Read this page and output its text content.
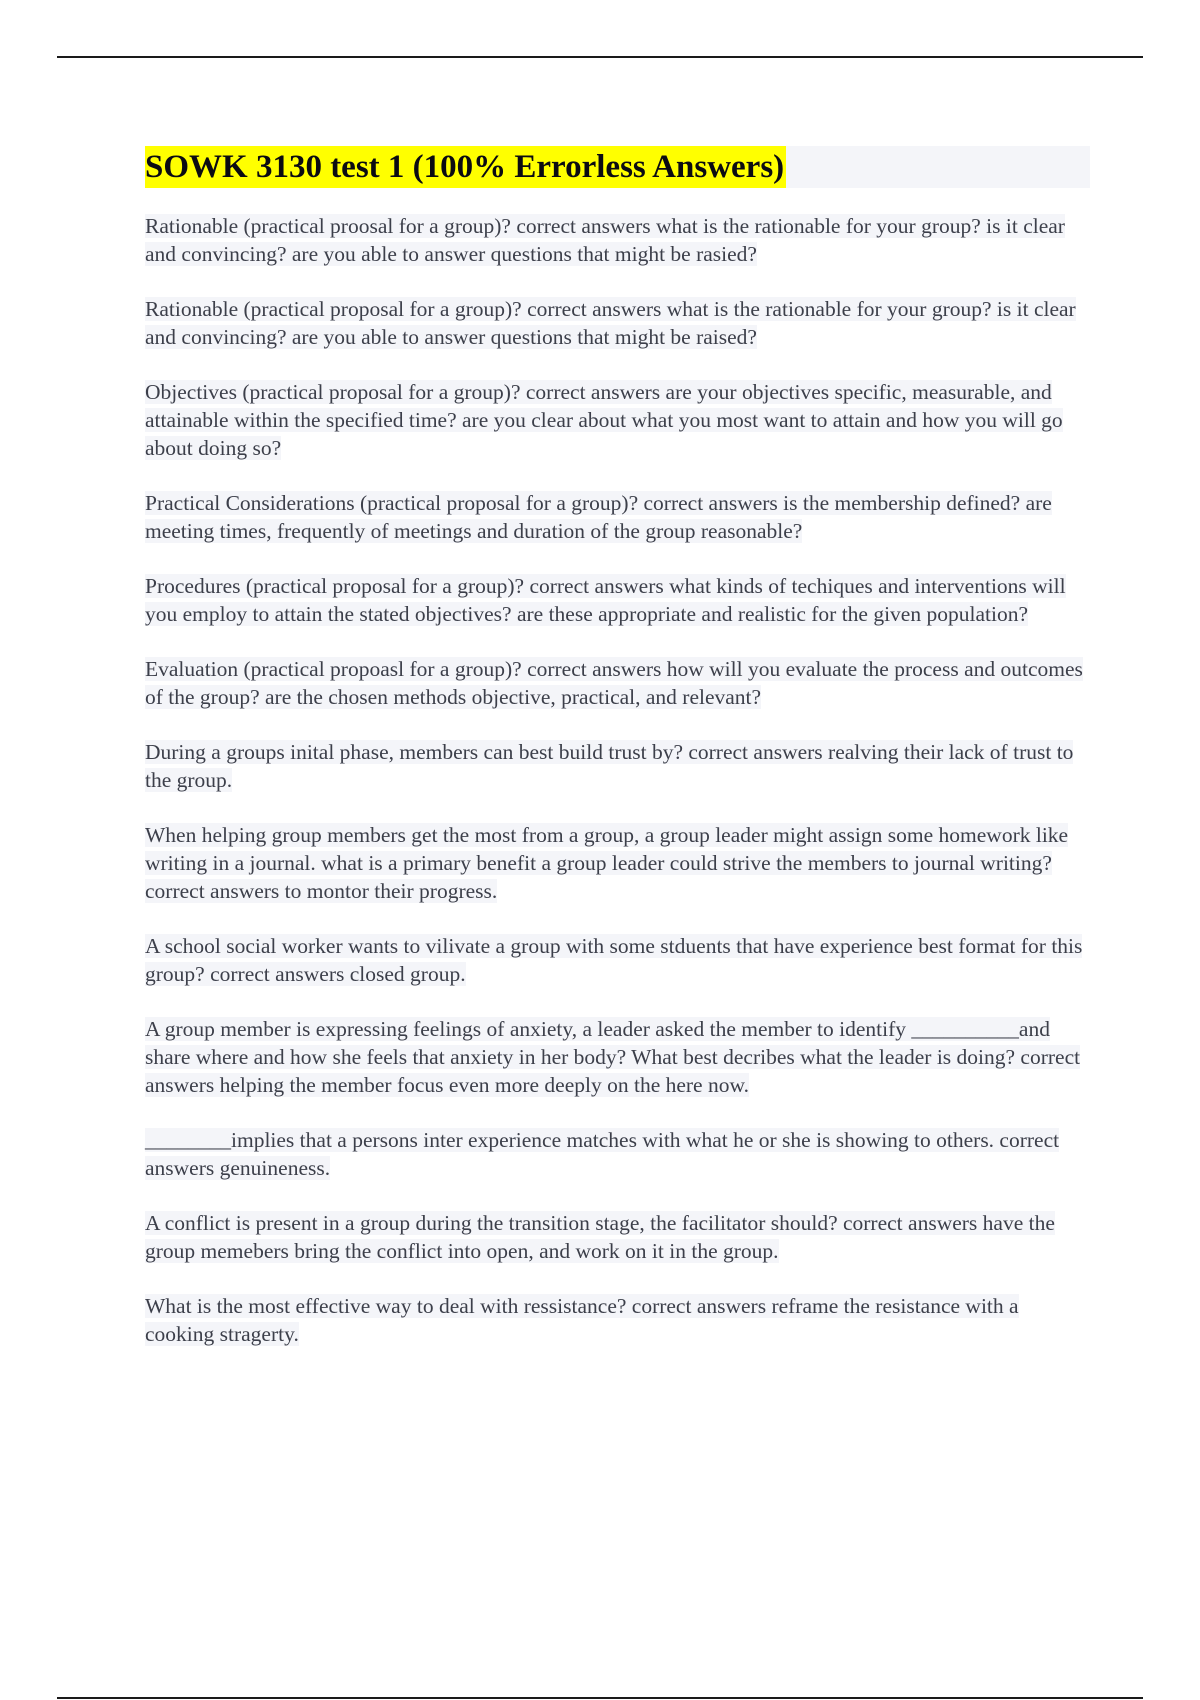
SOWK 3130 test 1 (100% Errorless Answers)

Rationable (practical proosal for a group)? correct answers what is the rationable for your group? is it clear and convincing? are you able to answer questions that might be rasied?

Rationable (practical proposal for a group)? correct answers what is the rationable for your group? is it clear and convincing? are you able to answer questions that might be raised?

Objectives (practical proposal for a group)? correct answers are your objectives specific, measurable, and attainable within the specified time? are you clear about what you most want to attain and how you will go about doing so?

Practical Considerations (practical proposal for a group)? correct answers is the membership defined? are meeting times, frequently of meetings and duration of the group reasonable?

Procedures (practical proposal for a group)? correct answers what kinds of techiques and interventions will you employ to attain the stated objectives? are these appropriate and realistic for the given population?

Evaluation (practical propoasl for a group)? correct answers how will you evaluate the process and outcomes of the group? are the chosen methods objective, practical, and relevant?

During a groups inital phase, members can best build trust by? correct answers realving their lack of trust to the group.

When helping group members get the most from a group, a group leader might assign some homework like writing in a journal. what is a primary benefit a group leader could strive the members to journal writing? correct answers to montor their progress.

A school social worker wants to vilivate a group with some stduents that have experience best format for this group? correct answers closed group.

A group member is expressing feelings of anxiety, a leader asked the member to identify __________and share where and how she feels that anxiety in her body? What best decribes what the leader is doing? correct answers helping the member focus even more deeply on the here now.

________implies that a persons inter experience matches with what he or she is showing to others. correct answers genuineness.

A conflict is present in a group during the transition stage, the facilitator should? correct answers have the group memebers bring the conflict into open, and work on it in the group.

What is the most effective way to deal with ressistance? correct answers reframe the resistance with a cooking stragerty.
